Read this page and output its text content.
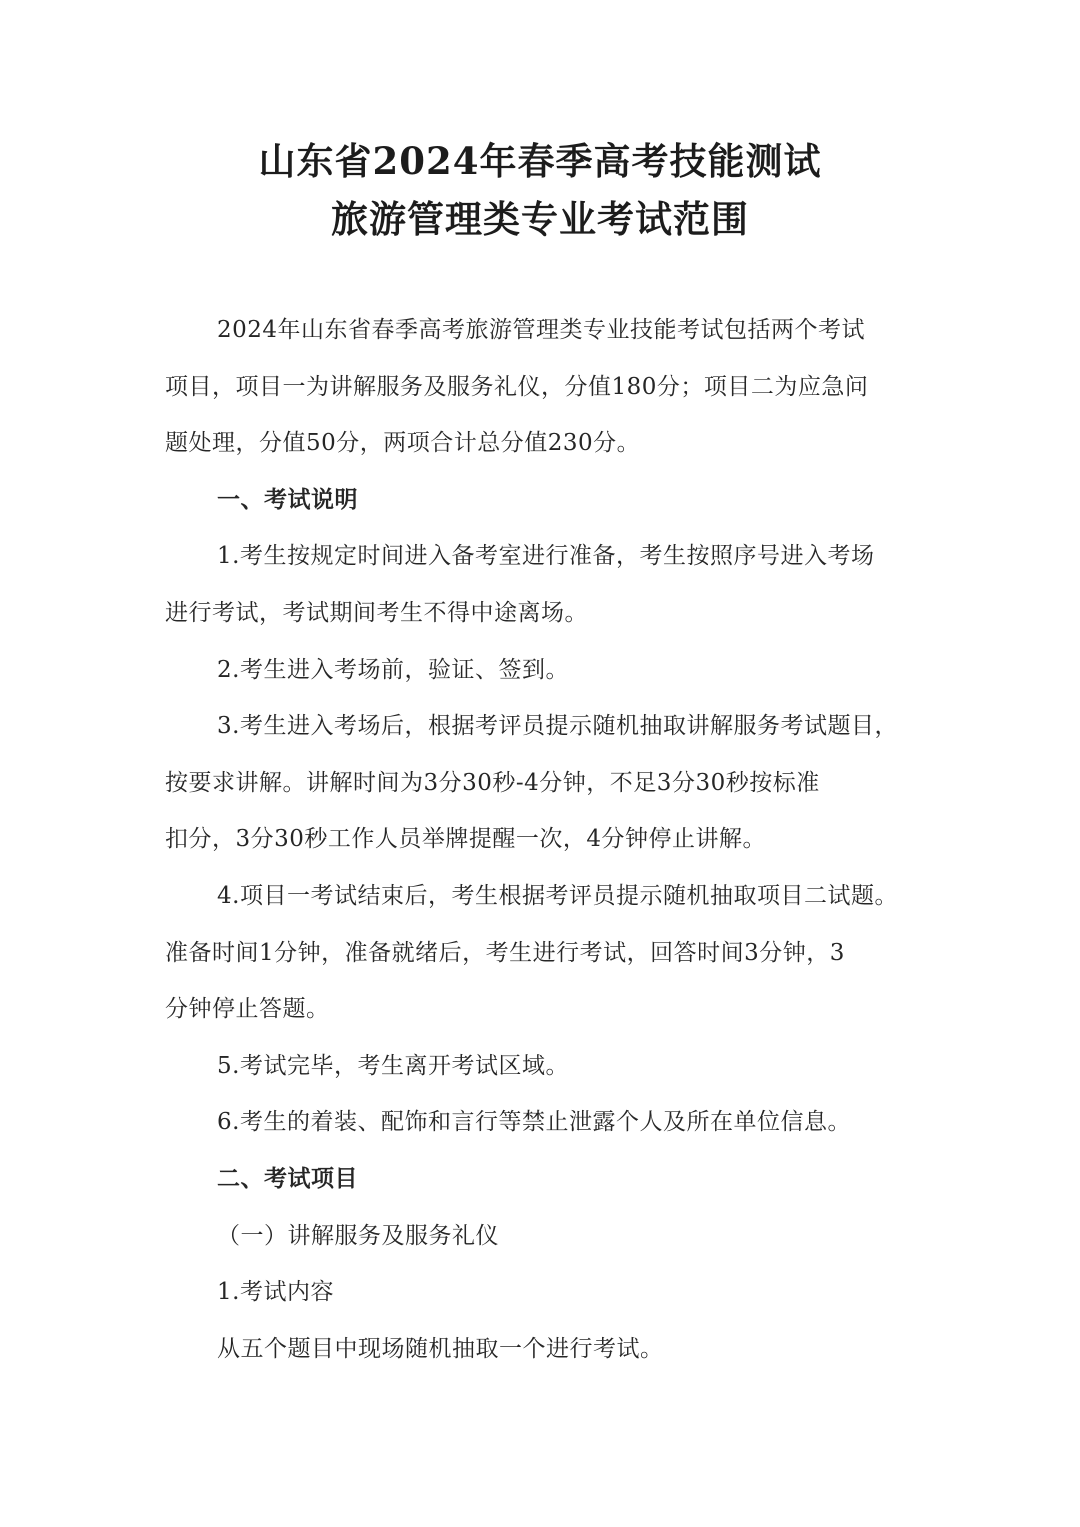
山东省2024年春季高考技能测试
旅游管理类专业考试范围

2024年山东省春季高考旅游管理类专业技能考试包括两个考试
项目，项目一为讲解服务及服务礼仪，分值180分；项目二为应急问
题处理，分值50分，两项合计总分值230分。

一、考试说明

1.考生按规定时间进入备考室进行准备，考生按照序号进入考场
进行考试，考试期间考生不得中途离场。

2.考生进入考场前，验证、签到。

3.考生进入考场后，根据考评员提示随机抽取讲解服务考试题目，
按要求讲解。讲解时间为3分30秒-4分钟，不足3分30秒按标准
扣分，3分30秒工作人员举牌提醒一次，4分钟停止讲解。

4.项目一考试结束后，考生根据考评员提示随机抽取项目二试题。
准备时间1分钟，准备就绪后，考生进行考试，回答时间3分钟，3
分钟停止答题。

5.考试完毕，考生离开考试区域。

6.考生的着装、配饰和言行等禁止泄露个人及所在单位信息。

二、考试项目

（一）讲解服务及服务礼仪

1.考试内容

从五个题目中现场随机抽取一个进行考试。
